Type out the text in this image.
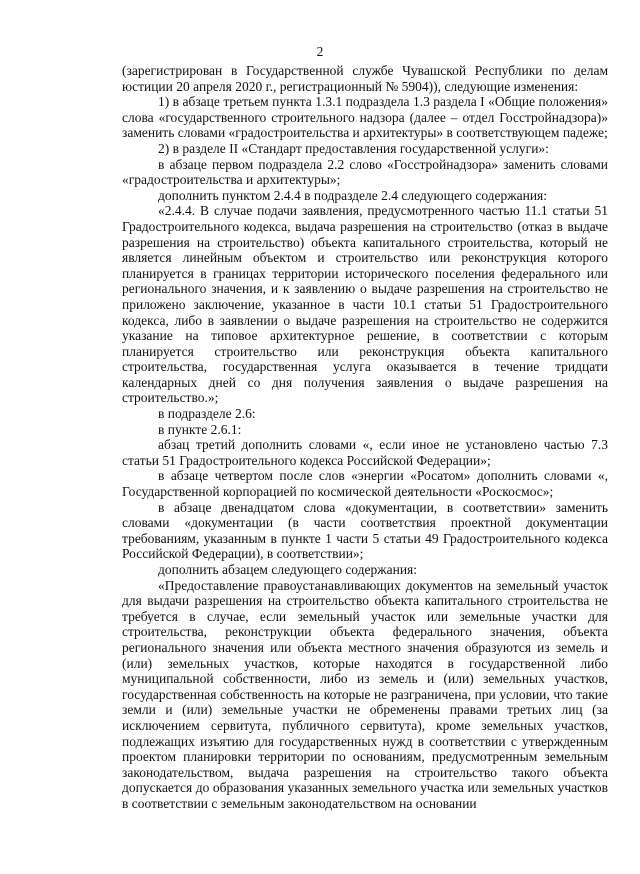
2

(зарегистрирован в Государственной службе Чувашской Республики по делам юстиции 20 апреля 2020 г., регистрационный № 5904)), следующие изменения:

1) в абзаце третьем пункта 1.3.1 подраздела 1.3 раздела I «Общие положения» слова «государственного строительного надзора (далее – отдел Госстройнадзора)» заменить словами «градостроительства и архитектуры» в соответствующем падеже;

2) в разделе II «Стандарт предоставления государственной услуги»:

в абзаце первом подраздела 2.2 слово «Госстройнадзора» заменить словами «градостроительства и архитектуры»;

дополнить пунктом 2.4.4 в подразделе 2.4 следующего содержания:

«2.4.4. В случае подачи заявления, предусмотренного частью 11.1 статьи 51 Градостроительного кодекса, выдача разрешения на строительство (отказ в выдаче разрешения на строительство) объекта капитального строительства, который не является линейным объектом и строительство или реконструкция которого планируется в границах территории исторического поселения федерального или регионального значения, и к заявлению о выдаче разрешения на строительство не приложено заключение, указанное в части 10.1 статьи 51 Градостроительного кодекса, либо в заявлении о выдаче разрешения на строительство не содержится указание на типовое архитектурное решение, в соответствии с которым планируется строительство или реконструкция объекта капитального строительства, государственная услуга оказывается в течение тридцати календарных дней со дня получения заявления о выдаче разрешения на строительство.»;

в подразделе 2.6:

в пункте 2.6.1:

абзац третий дополнить словами «, если иное не установлено частью 7.3 статьи 51 Градостроительного кодекса Российской Федерации»;

в абзаце четвертом после слов «энергии «Росатом» дополнить словами «, Государственной корпорацией по космической деятельности «Роскосмос»;

в абзаце двенадцатом слова «документации, в соответствии» заменить словами «документации (в части соответствия проектной документации требованиям, указанным в пункте 1 части 5 статьи 49 Градостроительного кодекса Российской Федерации), в соответствии»;

дополнить абзацем следующего содержания:

«Предоставление правоустанавливающих документов на земельный участок для выдачи разрешения на строительство объекта капитального строительства не требуется в случае, если земельный участок или земельные участки для строительства, реконструкции объекта федерального значения, объекта регионального значения или объекта местного значения образуются из земель и (или) земельных участков, которые находятся в государственной либо муниципальной собственности, либо из земель и (или) земельных участков, государственная собственность на которые не разграничена, при условии, что такие земли и (или) земельные участки не обременены правами третьих лиц (за исключением сервитута, публичного сервитута), кроме земельных участков, подлежащих изъятию для государственных нужд в соответствии с утвержденным проектом планировки территории по основаниям, предусмотренным земельным законодательством, выдача разрешения на строительство такого объекта допускается до образования указанных земельного участка или земельных участков в соответствии с земельным законодательством на основании
